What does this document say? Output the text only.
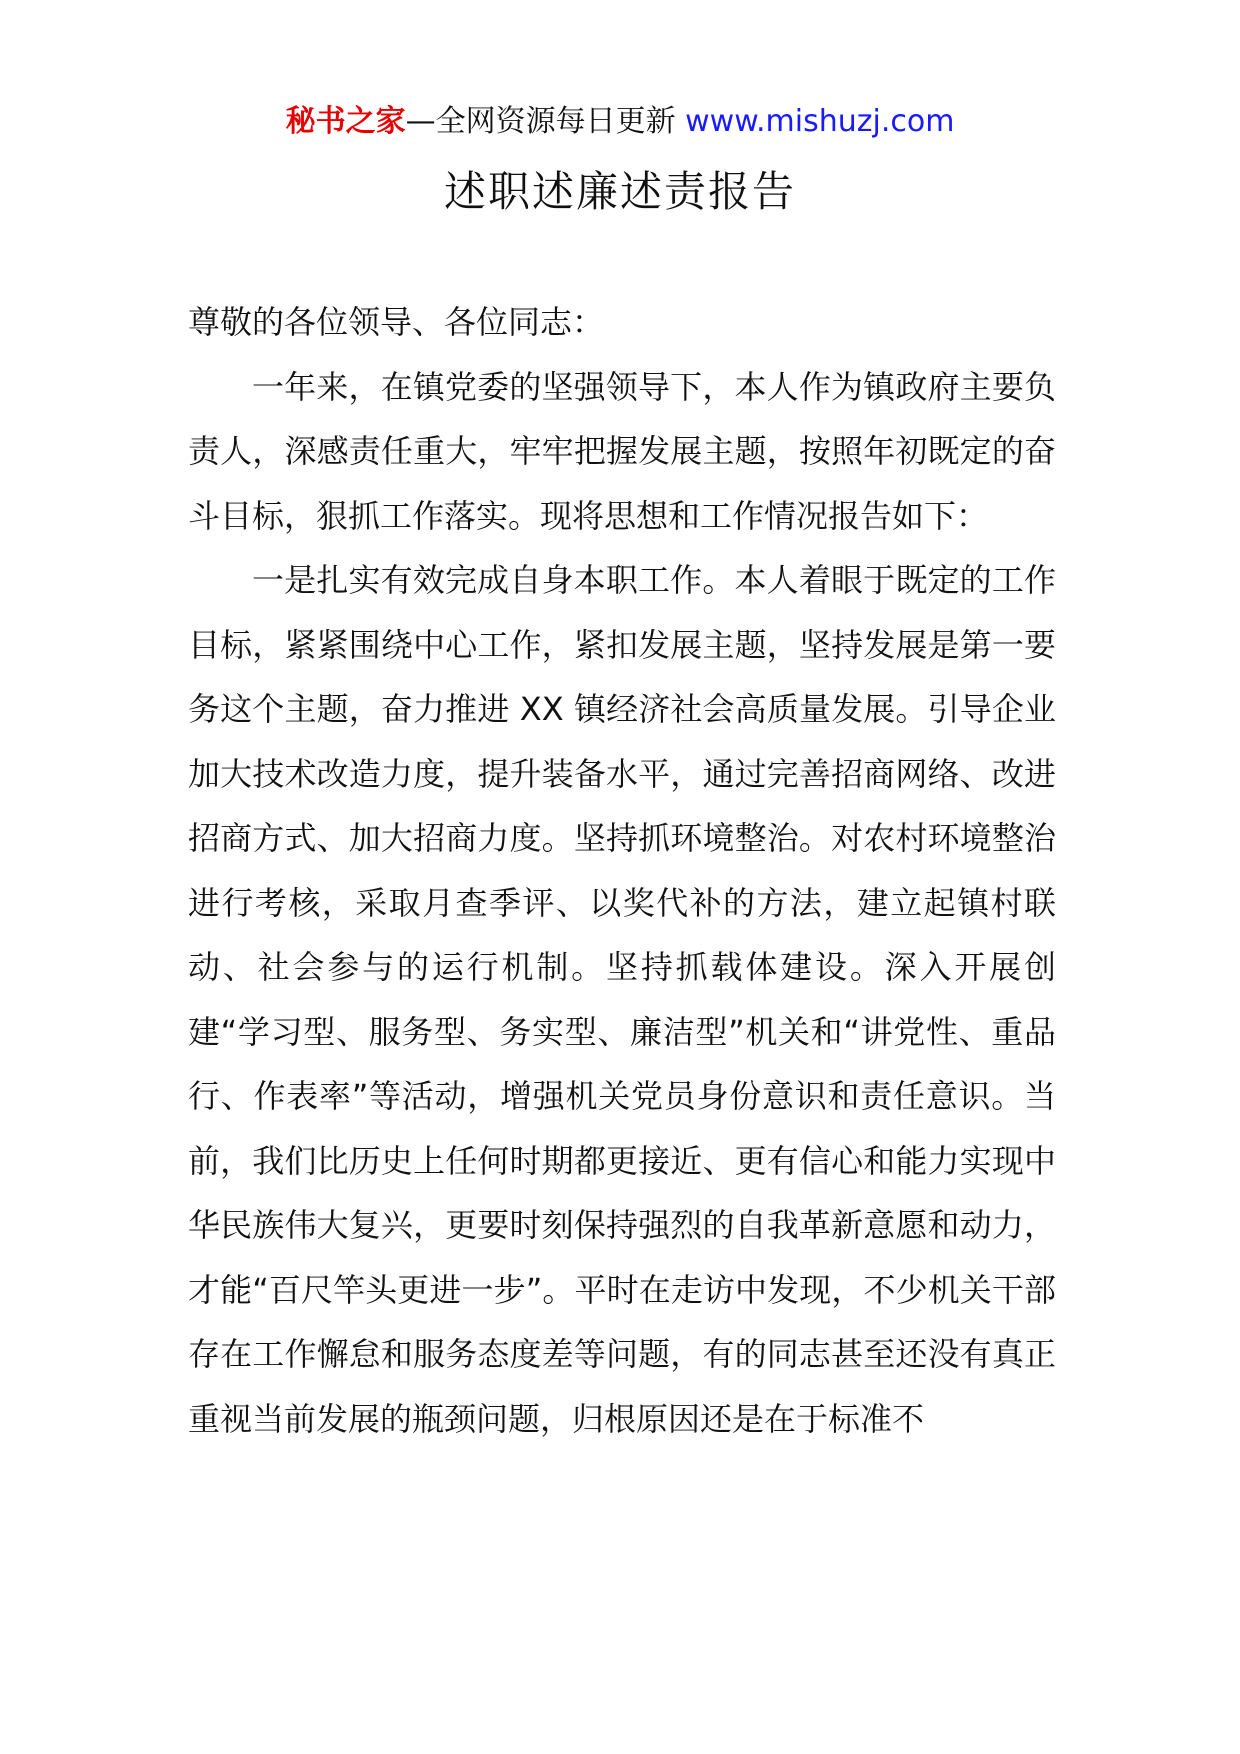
秘书之家—全网资源每日更新 www.mishuzj.com
述职述廉述责报告

尊敬的各位领导、各位同志：

一年来，在镇党委的坚强领导下，本人作为镇政府主要负责人，深感责任重大，牢牢把握发展主题，按照年初既定的奋斗目标，狠抓工作落实。现将思想和工作情况报告如下：

一是扎实有效完成自身本职工作。本人着眼于既定的工作目标，紧紧围绕中心工作，紧扣发展主题，坚持发展是第一要务这个主题，奋力推进 XX 镇经济社会高质量发展。引导企业加大技术改造力度，提升装备水平，通过完善招商网络、改进招商方式、加大招商力度。坚持抓环境整治。对农村环境整治进行考核，采取月查季评、以奖代补的方法，建立起镇村联动、社会参与的运行机制。坚持抓载体建设。深入开展创建“学习型、服务型、务实型、廉洁型”机关和“讲党性、重品行、作表率”等活动，增强机关党员身份意识和责任意识。当前，我们比历史上任何时期都更接近、更有信心和能力实现中华民族伟大复兴，更要时刻保持强烈的自我革新意愿和动力，才能“百尺竿头更进一步”。平时在走访中发现，不少机关干部存在工作懈怠和服务态度差等问题，有的同志甚至还没有真正重视当前发展的瓶颈问题，归根原因还是在于标准不
